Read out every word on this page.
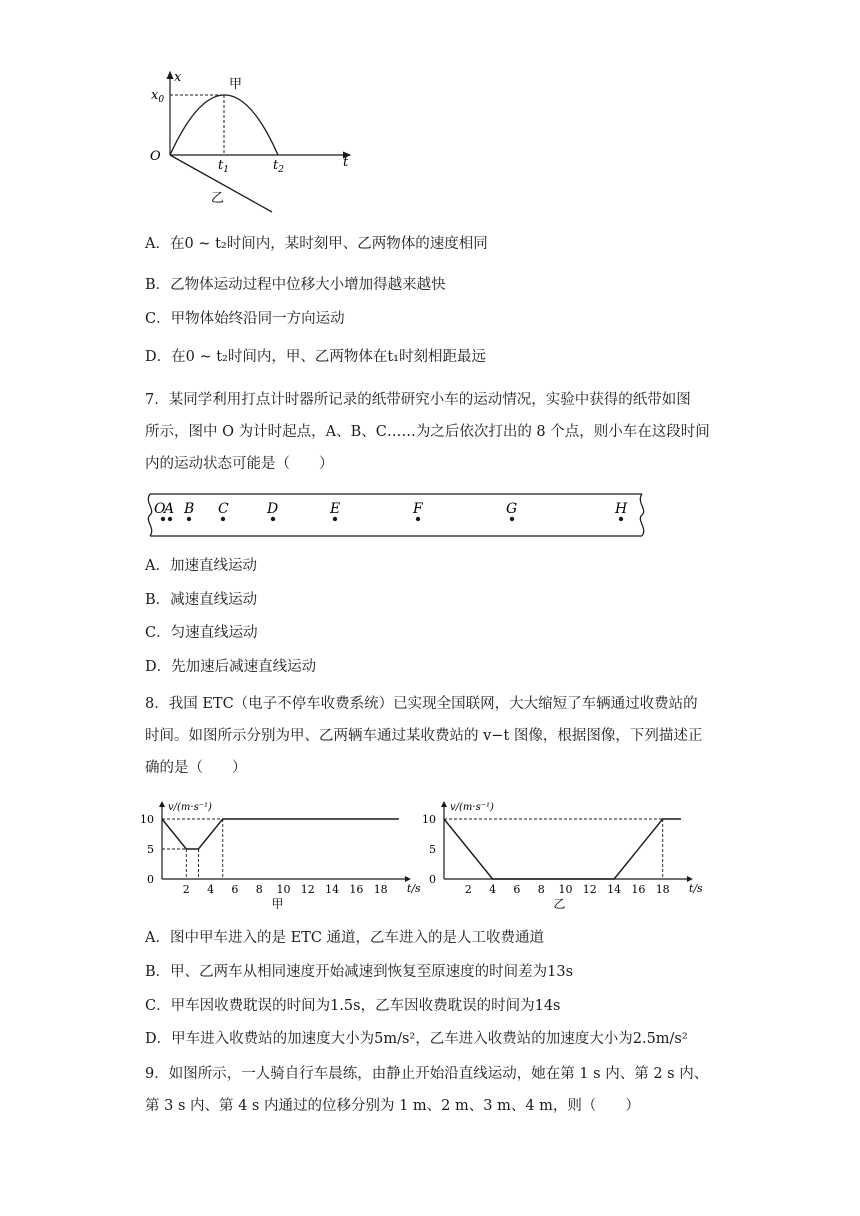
x
$x_0$
O	t
$t_1$	$t_2$
甲
乙
A．在0 ~ t₂时间内，某时刻甲、乙两物体的速度相同
B．乙物体运动过程中位移大小增加得越来越快
C．甲物体始终沿同一方向运动
D．在0 ~ t₂时间内，甲、乙两物体在t₁时刻相距最远

7．某同学利用打点计时器所记录的纸带研究小车的运动情况，实验中获得的纸带如图

所示，图中 O 为计时起点，A、B、C……为之后依次打出的 8 个点，则小车在这段时间

内的运动状态可能是（　　）

O
A B C	D	E	F	G	H
A．加速直线运动
B．减速直线运动
C．匀速直线运动
D．先加速后减速直线运动

8．我国 ETC（电子不停车收费系统）已实现全国联网，大大缩短了车辆通过收费站的

时间。如图所示分别为甲、乙两辆车通过某收费站的 v−t 图像，根据图像，下列描述正

确的是（　　）

v/(m·s⁻¹)
t/s
0
5
10
2 4 6 8 10 12 14 16 18
甲
v/(m·s⁻¹)
t/s
0
5
10
2 4 6 8 10 12 14 16 18
乙
A．图中甲车进入的是 ETC 通道，乙车进入的是人工收费通道
B．甲、乙两车从相同速度开始减速到恢复至原速度的时间差为13s
C．甲车因收费耽误的时间为1.5s，乙车因收费耽误的时间为14s
D．甲车进入收费站的加速度大小为5m/s²，乙车进入收费站的加速度大小为2.5m/s²

9．如图所示，一人骑自行车晨练，由静止开始沿直线运动，她在第 1 s 内、第 2 s 内、

第 3 s 内、第 4 s 内通过的位移分别为 1 m、2 m、3 m、4 m，则（　　）
